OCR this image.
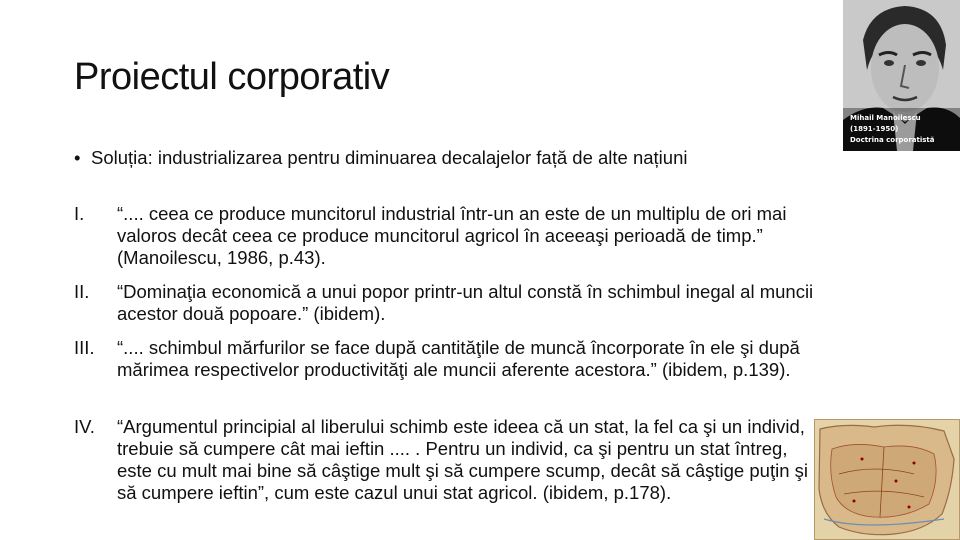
Proiectul corporativ
• Soluția: industrializarea pentru diminuarea decalajelor față de alte națiuni
I. “.... ceea ce produce muncitorul industrial într-un an este de un multiplu de ori mai valoros decât ceea ce produce muncitorul agricol în aceeaşi perioadă de timp.” (Manoilescu, 1986, p.43).
II. “Dominaţia economică a unui popor printr-un altul constă în schimbul inegal al muncii acestor două popoare.” (ibidem).
III. “.... schimbul mărfurilor se face după cantităţile de muncă încorporate în ele şi după mărimea respectivelor productivităţi ale muncii aferente acestora.” (ibidem, p.139).
IV. “Argumentul principial al liberului schimb este ideea că un stat, la fel ca şi un individ, trebuie să cumpere cât mai ieftin .... . Pentru un individ, ca şi pentru un stat întreg, este cu mult mai bine să câştige mult şi să cumpere scump, decât să câştige puţin şi să cumpere ieftin”, cum este cazul unui stat agricol. (ibidem, p.178).
Mihail Manoilescu
(1891-1950)
Doctrina corporatistă
